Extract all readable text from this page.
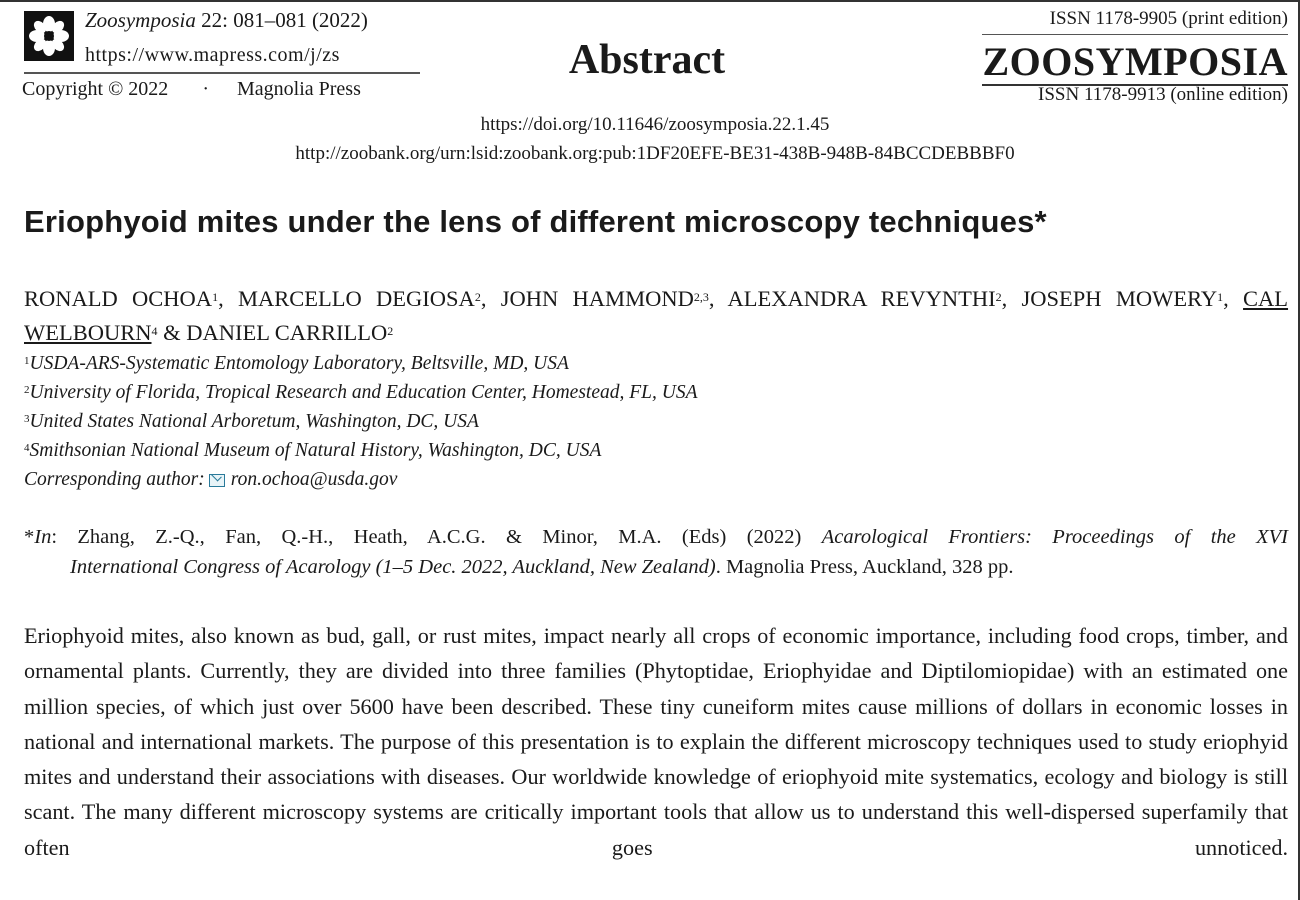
Zoosymposia 22: 081–081 (2022)
https://www.mapress.com/j/zs
Copyright © 2022 · Magnolia Press
Abstract
ISSN 1178-9905 (print edition)
ZOOSYMPOSIA
ISSN 1178-9913 (online edition)
https://doi.org/10.11646/zoosymposia.22.1.45
http://zoobank.org/urn:lsid:zoobank.org:pub:1DF20EFE-BE31-438B-948B-84BCCDEBBBF0
Eriophyoid mites under the lens of different microscopy techniques*
RONALD OCHOA$^1$, MARCELLO DEGIOSA$^2$, JOHN HAMMOND$^{2,3}$, ALEXANDRA REVYNTHI$^2$, JOSEPH MOWERY$^1$, CAL WELBOURN$^4$ & DANIEL CARRILLO$^2$
$^1$USDA-ARS-Systematic Entomology Laboratory, Beltsville, MD, USA
$^2$University of Florida, Tropical Research and Education Center, Homestead, FL, USA
$^3$United States National Arboretum, Washington, DC, USA
$^4$Smithsonian National Museum of Natural History, Washington, DC, USA
Corresponding author: ron.ochoa@usda.gov
*In: Zhang, Z.-Q., Fan, Q.-H., Heath, A.C.G. & Minor, M.A. (Eds) (2022) Acarological Frontiers: Proceedings of the XVI
International Congress of Acarology (1–5 Dec. 2022, Auckland, New Zealand). Magnolia Press, Auckland, 328 pp.
Eriophyoid mites, also known as bud, gall, or rust mites, impact nearly all crops of economic importance, including food crops, timber, and ornamental plants. Currently, they are divided into three families (Phytoptidae, Eriophyidae and Diptilomiopidae) with an estimated one million species, of which just over 5600 have been described. These tiny cuneiform mites cause millions of dollars in economic losses in national and international markets. The purpose of this presentation is to explain the different microscopy techniques used to study eriophyid mites and understand their associations with diseases. Our worldwide knowledge of eriophyoid mite systematics, ecology and biology is still scant. The many different microscopy systems are critically important tools that allow us to understand this well-dispersed superfamily that often goes unnoticed.
